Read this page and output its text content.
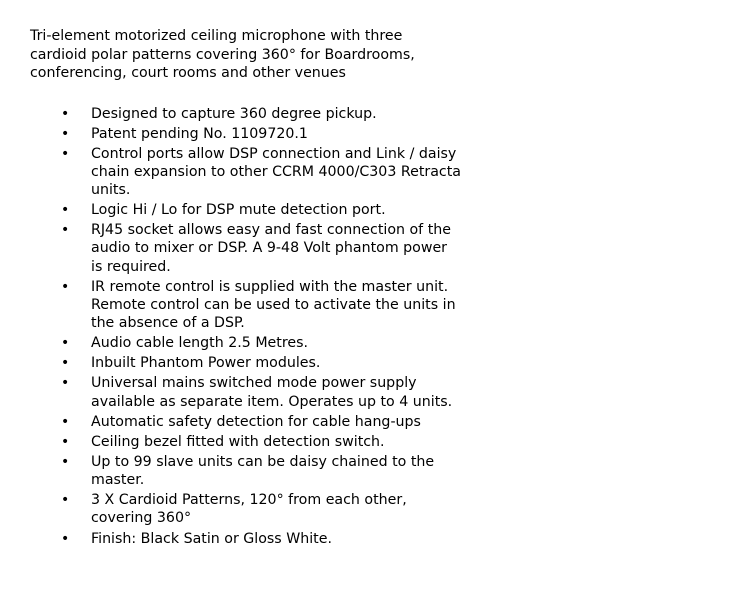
Tri-element motorized ceiling microphone with three cardioid polar patterns covering 360° for Boardrooms, conferencing, court rooms and other venues

• Designed to capture 360 degree pickup.
• Patent pending No. 1109720.1
• Control ports allow DSP connection and Link / daisy chain expansion to other CCRM 4000/C303 Retracta units.
• Logic Hi / Lo for DSP mute detection port.
• RJ45 socket allows easy and fast connection of the audio to mixer or DSP. A 9-48 Volt phantom power is required.
• IR remote control is supplied with the master unit. Remote control can be used to activate the units in the absence of a DSP.
• Audio cable length 2.5 Metres.
• Inbuilt Phantom Power modules.
• Universal mains switched mode power supply available as separate item. Operates up to 4 units.
• Automatic safety detection for cable hang-ups
• Ceiling bezel fitted with detection switch.
• Up to 99 slave units can be daisy chained to the master.
• 3 X Cardioid Patterns, 120° from each other, covering 360°
• Finish: Black Satin or Gloss White.
